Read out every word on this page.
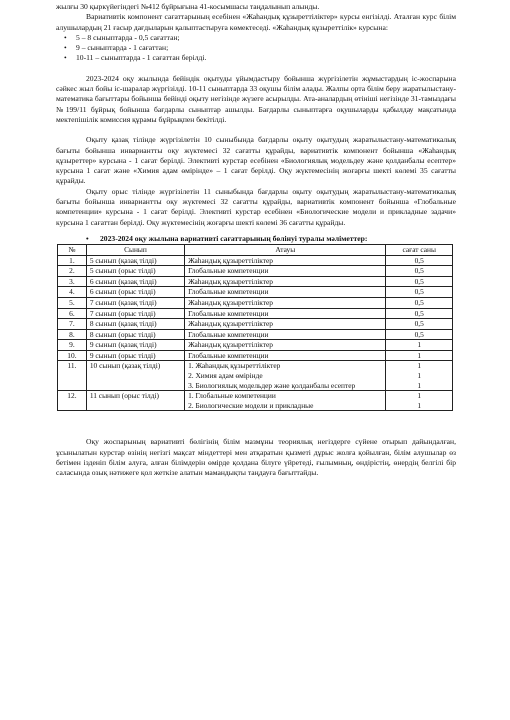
жылғы 30 қыркүйегіндегі №412 бұйрығына 41-косымшасы таңдалынып алынды.

Вариативтік компонент сағаттарының есебінен «Жаһандық құзыреттіліктер» курсы енгізілді. Аталған курс білім алушылардың 21 ғасыр дағдыларын қалыптастыруға көмектеседі. «Жаһандық құзыреттілік» курсына:

• 5 – 8 сыныптарда - 0,5 сағаттан;
• 9 – сыныптарда - 1 сағаттан;
• 10-11 – сыныптарда - 1 сағаттан берілді.

2023-2024 оқу жылында бейіндік оқытуды ұйымдастыру бойынша жүргізілетін жұмыстардың іс-жоспарына сәйкес жыл бойы іс-шаралар жүргізілді. 10-11 сыныптарда 33 оқушы білім алады. Жалпы орта білім беру жаратылыстану-математика бағыттары бойынша бейінді оқыту негізінде жүзеге асырылды. Ата-аналардың өтініші негізінде 31-тамыздағы №199/11 бұйрық бойынша бағдарлы сыныптар ашылды. Бағдарлы сыныптарға оқушыларды қабылдау мақсатында мектепішілік комиссия құрамы бұйрықпен бекітілді.

Оқыту қазақ тілінде жүргізілетін 10 сыныбында бағдарлы оқыту оқытудың жаратылыстану-математикалық бағыты бойынша инвариантты оқу жүктемесі 32 сағатты құрайды, вариативтік компонент бойынша «Жаһандық құзыреттер» курсына - 1 сағат берілді. Элективті курстар есебінен «Биологиялық модельдеу және қолданбалы есептер» курсына 1 сағат және «Химия адам өмірінде» – 1 сағат берілді. Оқу жүктемесінің жоғарғы шекті көлемі 35 сағатты құрайды.

Оқыту орыс тілінде жүргізілетін 11 сыныбында бағдарлы оқыту оқытудың жаратылыстану-математикалық бағыты бойынша инвариантты оқу жүктемесі 32 сағатты құрайды, вариативтік компонент бойынша «Глобальные компетенции» курсына - 1 сағат берілді. Элективті курстар есебінен «Биологические модели и прикладные задачи» курсына 1 сағаттан берілді. Оқу жүктемесінің жоғарғы шекті көлемі 36 сағатты құрайды.

• 2023-2024 оқу жылына вариативті сағаттарының бөлінуі туралы мәліметтер:
№	Сынып	Атауы	сағат саны
1.	5 сынып (қазақ тілді)	Жаһандық құзыреттіліктер	0,5

2.	5 сынып (орыс тілді)	Глобальные компетенции	0,5

3.	6 сынып (қазақ тілді)	Жаһандық құзыреттіліктер	0,5

4.	6 сынып (орыс тілді)	Глобальные компетенции	0,5

5.	7 сынып (қазақ тілді)	Жаһандық құзыреттіліктер	0,5

6.	7 сынып (орыс тілді)	Глобальные компетенции	0,5

7.	8 сынып (қазақ тілді)	Жаһандық құзыреттіліктер	0,5

8.	8 сынып (орыс тілді)	Глобальные компетенции	0,5

9.	9 сынып (қазақ тілді)	Жаһандық құзыреттіліктер	1

10.	9 сынып (орыс тілді)	Глобальные компетенции	1

11.	10 сынып (қазақ тілді)	1. Жаһандық құзыреттіліктер
2. Химия адам өмірінде
3. Биологиялық модельдер және қолданбалы есептер	1
1
1

12.	11 сынып (орыс тілді)	1. Глобальные компетенции
2. Биологические модели и прикладные	1
1

Оқу жоспарының вариативті бөлігінің білім мазмұны теориялық негіздерге сүйене отырып дайындалған, ұсынылатын курстар өзінің негізгі мақсат міндеттері мен атқаратын қызметі дұрыс жолға қойылған, білім алушылар өз бетімен ізденіп білім алуға, алған білімдерін өмірде қолдана білуге үйретеді, ғылымның, өндірістің, өнердің белгілі бір саласында озық нәтижеге қол жеткізе алатын мамандықты таңдауға бағыттайды.
